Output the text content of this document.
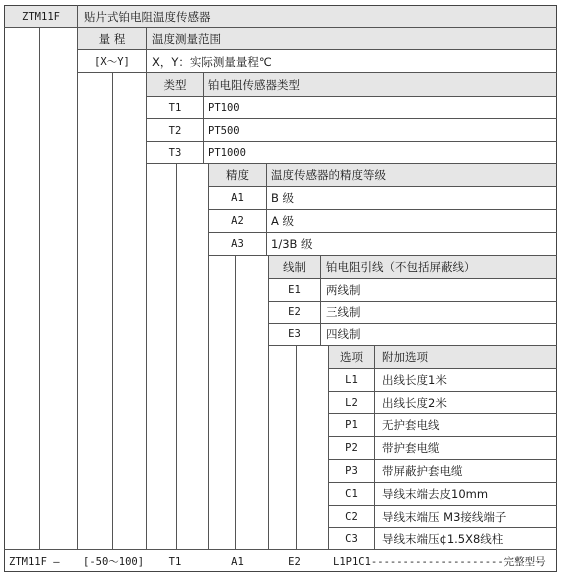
ZTM11F	贴片式铂电阻温度传感器
量 程	温度测量范围
[X～Y]	X，Y：实际测量量程℃
类型	铂电阻传感器类型
T1	PT100
T2	PT500
T3	PT1000
精度	温度传感器的精度等级
A1	B 级
A2	A 级
A3	1/3B 级
线制	铂电阻引线（不包括屏蔽线）
E1	两线制
E2	三线制
E3	四线制
选项	附加选项
L1	出线长度1米
L2	出线长度2米
P1	无护套电线
P2	带护套电缆
P3	带屏蔽护套电缆
C1	导线末端去皮10mm
C2	导线末端压 M3接线端子
C3	导线末端压¢1.5X8线柱
ZTM11F — [-50～100]	T1	A1	E2	L1P1C1---------------------完整型号
